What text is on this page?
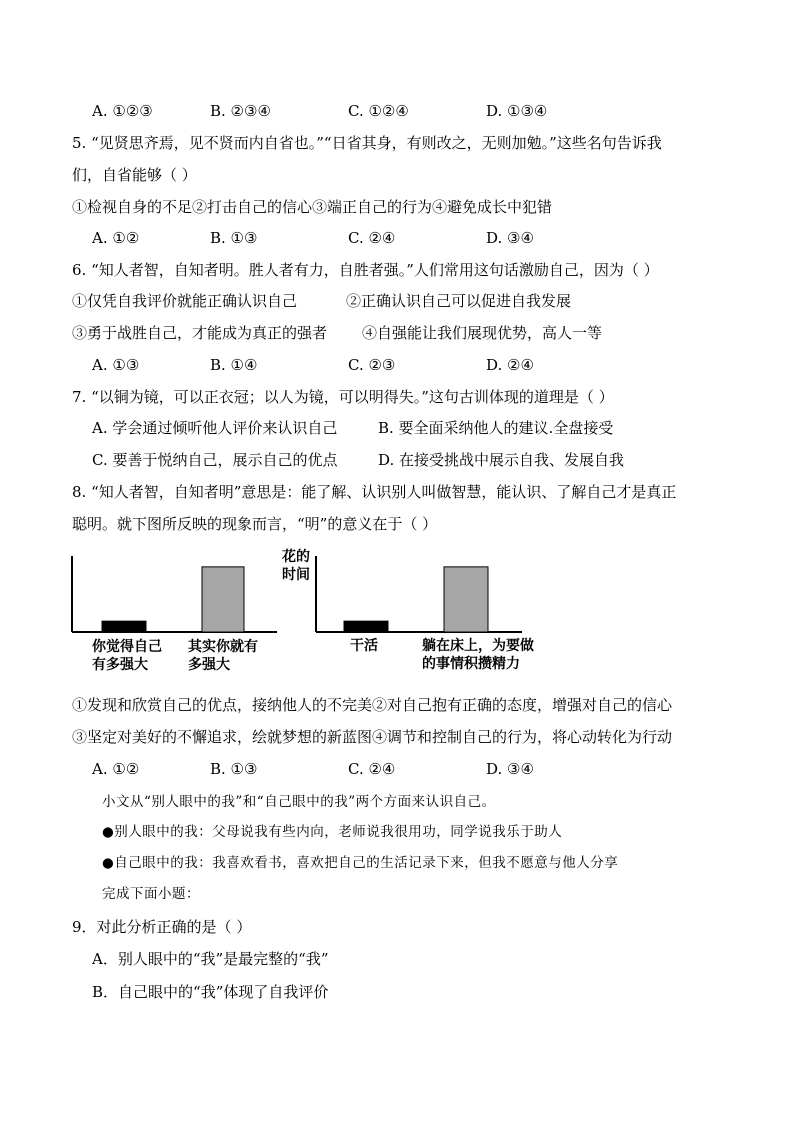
A. ①②③	B. ②③④	C. ①②④	D. ①③④
5. “见贤思齐焉，见不贤而内自省也。”“日省其身，有则改之，无则加勉。”这些名句告诉我
们，自省能够（ ）
①检视自身的不足②打击自己的信心③端正自己的行为④避免成长中犯错
A. ①②	B. ①③	C. ②④	D. ③④
6. “知人者智，自知者明。胜人者有力，自胜者强。”人们常用这句话激励自己，因为（ ）
①仅凭自我评价就能正确认识自己	②正确认识自己可以促进自我发展
③勇于战胜自己，才能成为真正的强者 ④自强能让我们展现优势，高人一等
A. ①③	B. ①④	C. ②③	D. ②④
7. “以铜为镜，可以正衣冠；以人为镜，可以明得失。”这句古训体现的道理是（ ）
A. 学会通过倾听他人评价来认识自己	B. 要全面采纳他人的建议.全盘接受
C. 要善于悦纳自己，展示自己的优点	D. 在接受挑战中展示自我、发展自我
8. “知人者智，自知者明”意思是：能了解、认识别人叫做智慧，能认识、了解自己才是真正
聪明。就下图所反映的现象而言，“明”的意义在于（ ）
你觉得自己
有多强大
其实你就有
多强大
花的
时间
干活	躺在床上，为要做
的事情积攒精力
①发现和欣赏自己的优点，接纳他人的不完美②对自己抱有正确的态度，增强对自己的信心
③坚定对美好的不懈追求，绘就梦想的新蓝图④调节和控制自己的行为，将心动转化为行动
A. ①②	B. ①③	C. ②④	D. ③④
小文从“别人眼中的我”和“自己眼中的我”两个方面来认识自己。
●别人眼中的我：父母说我有些内向，老师说我很用功，同学说我乐于助人
●自己眼中的我：我喜欢看书，喜欢把自己的生活记录下来，但我不愿意与他人分享
完成下面小题：
9．对此分析正确的是（ ）
A．别人眼中的“我”是最完整的“我”
B．自己眼中的“我”体现了自我评价
